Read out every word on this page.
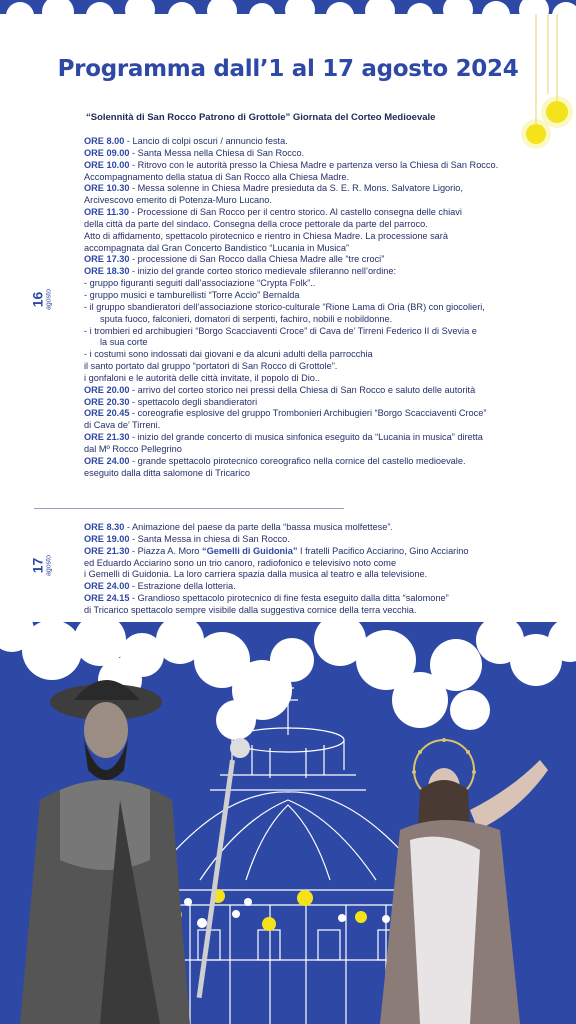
Programma dall’1 al 17 agosto 2024
“Solennità di San Rocco Patrono di Grottole” Giornata del Corteo Medioevale
16 agosto
ORE 8.00 - Lancio di colpi oscuri / annuncio festa.
ORE 09.00 - Santa Messa nella Chiesa di San Rocco.
ORE 10.00 - Ritrovo con le autorità presso la Chiesa Madre e partenza verso la Chiesa di San Rocco.
Accompagnamento della statua di San Rocco alla Chiesa Madre.
ORE 10.30 - Messa solenne in Chiesa Madre presieduta da S. E. R. Mons. Salvatore Ligorio,
Arcivescovo emerito di Potenza-Muro Lucano.
ORE 11.30 - Processione di San Rocco per il centro storico. Al castello consegna delle chiavi
della città da parte del sindaco. Consegna della croce pettorale da parte del parroco.
Atto di affidamento, spettacolo pirotecnico e rientro in Chiesa Madre. La processione sarà
accompagnata dal Gran Concerto Bandistico “Lucania in Musica”
ORE 17.30 - processione di San Rocco dalla Chiesa Madre alle “tre croci”
ORE 18.30 - inizio del grande corteo storico medievale sfileranno nell’ordine:
- gruppo figuranti seguiti dall’associazione “Crypta Folk”..
- gruppo musici e tamburellisti “Torre Accio” Bernalda
- il gruppo sbandieratori dell’associazione storico-culturale “Rione Lama di Oria (BR) con giocolieri,
sputa fuoco, falconieri, domatori di serpenti, fachiro, nobili e nobildonne.
- i trombieri ed archibugieri “Borgo Scacciaventi Croce” di Cava de’ Tirreni Federico II di Svevia e
la sua corte
- i costumi sono indossati dai giovani e da alcuni adulti della parrocchia
il santo portato dal gruppo “portatori di San Rocco di Grottole”.
i gonfaloni e le autorità delle città invitate, il popolo di Dio..
ORE 20.00 - arrivo del corteo storico nei pressi della Chiesa di San Rocco e saluto delle autorità
ORE 20.30 - spettacolo degli sbandieratori
ORE 20.45 - coreografie esplosive del gruppo Trombonieri Archibugieri “Borgo Scacciaventi Croce”
di Cava de’ Tirreni.
ORE 21.30 - inizio del grande concerto di musica sinfonica eseguito da “Lucania in musica” diretta
dal Mº Rocco Pellegrino
ORE 24.00 - grande spettacolo pirotecnico coreografico nella cornice del castello medioevale.
eseguito dalla ditta salomone di Tricarico
17 agosto
ORE 8.30 - Animazione del paese da parte della “bassa musica molfettese”.
ORE 19.00 - Santa Messa in chiesa di San Rocco.
ORE 21.30 - Piazza A. Moro “Gemelli di Guidonia” I fratelli Pacifico Acciarino, Gino Acciarino
ed Eduardo Acciarino sono un trio canoro, radiofonico e televisivo noto come
i Gemelli di Guidonia. La loro carriera spazia dalla musica al teatro e alla televisione.
ORE 24.00 - Estrazione della lotteria.
ORE 24.15 - Grandioso spettacolo pirotecnico di fine festa eseguito dalla ditta “salomone”
di Tricarico spettacolo sempre visibile dalla suggestiva cornice della terra vecchia.
